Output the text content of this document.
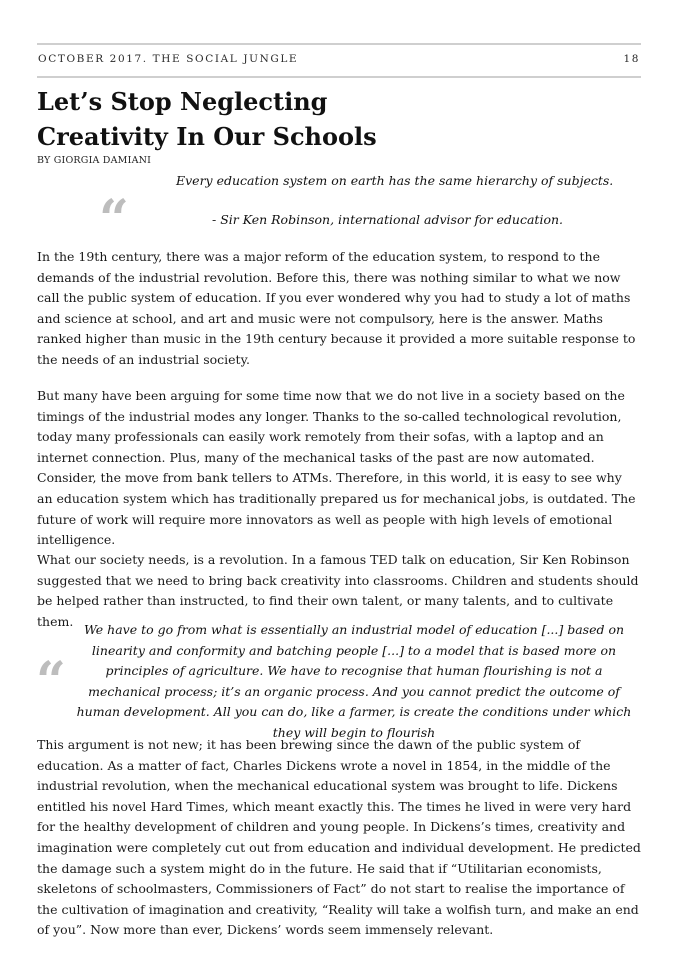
OCTOBER 2017. THE SOCIAL JUNGLE	18
Let’s Stop Neglecting
Creativity In Our Schools
BY GIORGIA DAMIANI
Every education system on earth has the same hierarchy of subjects.
“	- Sir Ken Robinson, international advisor for education.

In the 19th century, there was a major reform of the education system, to respond to the demands of the industrial revolution. Before this, there was nothing similar to what we now call the public system of education. If you ever wondered why you had to study a lot of maths and science at school, and art and music were not compulsory, here is the answer. Maths ranked higher than music in the 19th century because it provided a more suitable response to the needs of an industrial society.

But many have been arguing for some time now that we do not live in a society based on the timings of the industrial modes any longer. Thanks to the so-called technological revolution, today many professionals can easily work remotely from their sofas, with a laptop and an internet connection. Plus, many of the mechanical tasks of the past are now automated. Consider, the move from bank tellers to ATMs. Therefore, in this world, it is easy to see why an education system which has traditionally prepared us for mechanical jobs, is outdated. The future of work will require more innovators as well as people with high levels of emotional intelligence.

What our society needs, is a revolution. In a famous TED talk on education, Sir Ken Robinson suggested that we need to bring back creativity into classrooms. Children and students should be helped rather than instructed, to find their own talent, or many talents, and to cultivate them.

“

We have to go from what is essentially an industrial model of education [...] based on linearity and conformity and batching people [...] to a model that is based more on principles of agriculture. We have to recognise that human flourishing is not a mechanical process; it’s an organic process. And you cannot predict the outcome of human development. All you can do, like a farmer, is create the conditions under which they will begin to flourish

This argument is not new; it has been brewing since the dawn of the public system of education. As a matter of fact, Charles Dickens wrote a novel in 1854, in the middle of the industrial revolution, when the mechanical educational system was brought to life. Dickens entitled his novel Hard Times, which meant exactly this. The times he lived in were very hard for the healthy development of children and young people. In Dickens’s times, creativity and imagination were completely cut out from education and individual development. He predicted the damage such a system might do in the future. He said that if “Utilitarian economists, skeletons of schoolmasters, Commissioners of Fact” do not start to realise the importance of the cultivation of imagination and creativity, “Reality will take a wolfish turn, and make an end of you”. Now more than ever, Dickens’ words seem immensely relevant.
